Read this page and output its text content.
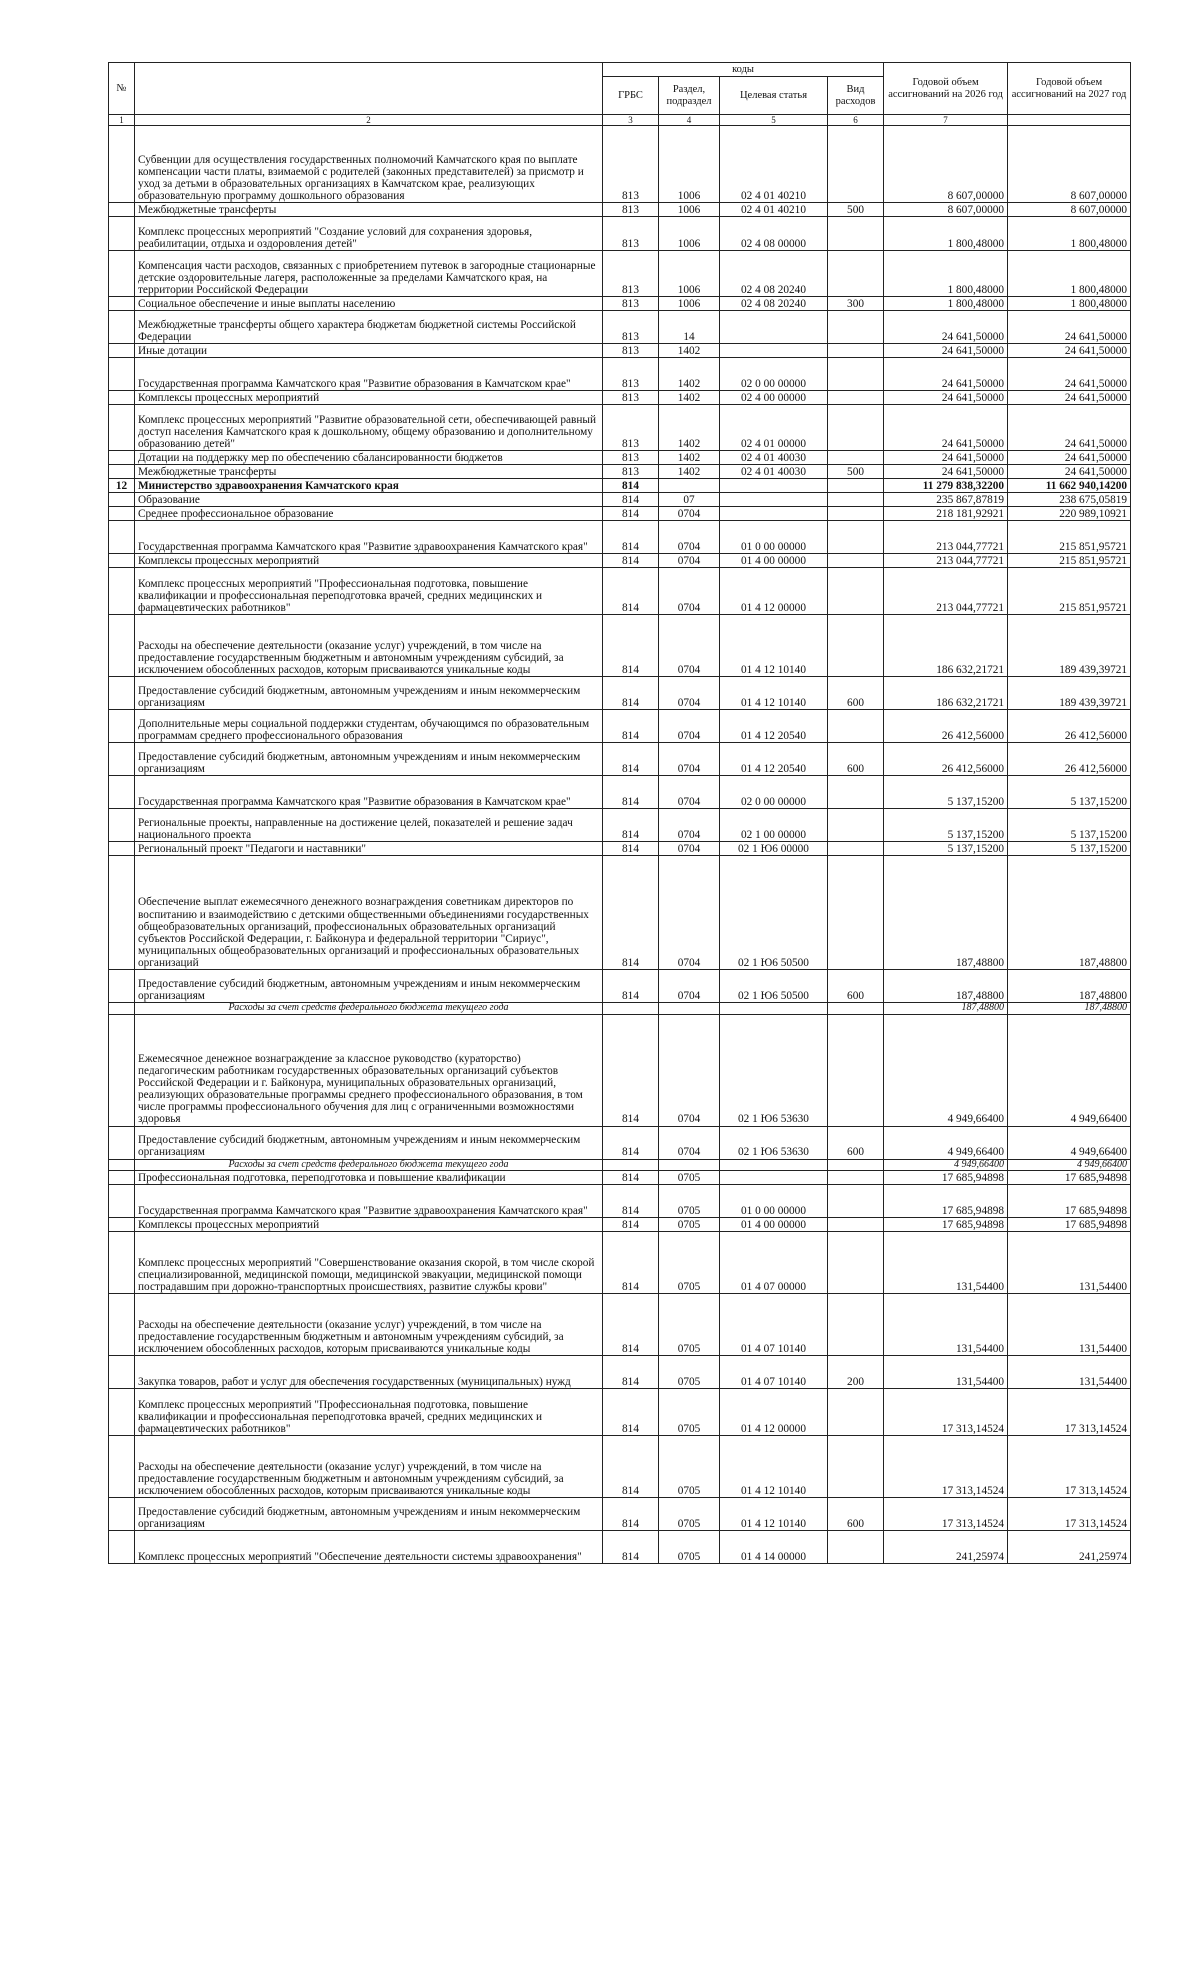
№		коды				Годовой объем ассигнований на 2026 год	Годовой объем ассигнований на 2027 год
		ГРБС	Раздел, подраздел	Целевая статья	Вид расходов		
1	2	3	4	5	6	7	
	Субвенции для осуществления государственных полномочий Камчатского края по выплате компенсации части платы, взимаемой с родителей (законных представителей) за присмотр и уход за детьми в образовательных организациях в Камчатском крае, реализующих образовательную программу дошкольного образования	813	1006	02 4 01 40210		8 607,00000	8 607,00000
	Межбюджетные трансферты	813	1006	02 4 01 40210	500	8 607,00000	8 607,00000
	Комплекс процессных мероприятий "Создание условий для сохранения здоровья, реабилитации, отдыха и оздоровления детей"	813	1006	02 4 08 00000		1 800,48000	1 800,48000
	Компенсация части расходов, связанных с приобретением путевок в загородные стационарные детские оздоровительные лагеря, расположенные за пределами Камчатского края, на территории Российской Федерации	813	1006	02 4 08 20240		1 800,48000	1 800,48000
	Социальное обеспечение и иные выплаты населению	813	1006	02 4 08 20240	300	1 800,48000	1 800,48000
	Межбюджетные трансферты общего характера бюджетам бюджетной системы Российской Федерации	813	14			24 641,50000	24 641,50000
	Иные дотации	813	1402			24 641,50000	24 641,50000
	Государственная программа Камчатского края "Развитие образования в Камчатском крае"	813	1402	02 0 00 00000		24 641,50000	24 641,50000
	Комплексы процессных мероприятий	813	1402	02 4 00 00000		24 641,50000	24 641,50000
	Комплекс процессных мероприятий "Развитие образовательной сети, обеспечивающей равный доступ населения Камчатского края к дошкольному, общему образованию и дополнительному образованию детей"	813	1402	02 4 01 00000		24 641,50000	24 641,50000
	Дотации на поддержку мер по обеспечению сбалансированности бюджетов	813	1402	02 4 01 40030		24 641,50000	24 641,50000
	Межбюджетные трансферты	813	1402	02 4 01 40030	500	24 641,50000	24 641,50000
12	Министерство здравоохранения Камчатского края	814				11 279 838,32200	11 662 940,14200
	Образование	814	07			235 867,87819	238 675,05819
	Среднее профессиональное образование	814	0704			218 181,92921	220 989,10921
	Государственная программа Камчатского края "Развитие здравоохранения Камчатского края"	814	0704	01 0 00 00000		213 044,77721	215 851,95721
	Комплексы процессных мероприятий	814	0704	01 4 00 00000		213 044,77721	215 851,95721
	Комплекс процессных мероприятий "Профессиональная подготовка, повышение квалификации и профессиональная переподготовка врачей, средних медицинских и фармацевтических работников"	814	0704	01 4 12 00000		213 044,77721	215 851,95721
	Расходы на обеспечение деятельности (оказание услуг) учреждений, в том числе на предоставление государственным бюджетным и автономным учреждениям субсидий, за исключением обособленных расходов, которым присваиваются уникальные коды	814	0704	01 4 12 10140		186 632,21721	189 439,39721
	Предоставление субсидий бюджетным, автономным учреждениям и иным некоммерческим организациям	814	0704	01 4 12 10140	600	186 632,21721	189 439,39721
	Дополнительные меры социальной поддержки студентам, обучающимся по образовательным программам среднего профессионального образования	814	0704	01 4 12 20540		26 412,56000	26 412,56000
	Предоставление субсидий бюджетным, автономным учреждениям и иным некоммерческим организациям	814	0704	01 4 12 20540	600	26 412,56000	26 412,56000
	Государственная программа Камчатского края "Развитие образования в Камчатском крае"	814	0704	02 0 00 00000		5 137,15200	5 137,15200
	Региональные проекты, направленные на достижение целей, показателей и решение задач национального проекта	814	0704	02 1 00 00000		5 137,15200	5 137,15200
	Региональный проект "Педагоги и наставники"	814	0704	02 1 Ю6 00000		5 137,15200	5 137,15200
	Обеспечение выплат ежемесячного денежного вознаграждения советникам директоров по воспитанию и взаимодействию с детскими общественными объединениями государственных общеобразовательных организаций, профессиональных образовательных организаций субъектов Российской Федерации, г. Байконура и федеральной территории "Сириус", муниципальных общеобразовательных организаций и профессиональных образовательных организаций	814	0704	02 1 Ю6 50500		187,48800	187,48800
	Предоставление субсидий бюджетным, автономным учреждениям и иным некоммерческим организациям	814	0704	02 1 Ю6 50500	600	187,48800	187,48800
	Расходы за счет средств федерального бюджета текущего года					187,48800	187,48800
	Ежемесячное денежное вознаграждение за классное руководство (кураторство) педагогическим работникам государственных образовательных организаций субъектов Российской Федерации и г. Байконура, муниципальных образовательных организаций, реализующих образовательные программы среднего профессионального образования, в том числе программы профессионального обучения для лиц с ограниченными возможностями здоровья	814	0704	02 1 Ю6 53630		4 949,66400	4 949,66400
	Предоставление субсидий бюджетным, автономным учреждениям и иным некоммерческим организациям	814	0704	02 1 Ю6 53630	600	4 949,66400	4 949,66400
	Расходы за счет средств федерального бюджета текущего года					4 949,66400	4 949,66400
	Профессиональная подготовка, переподготовка и повышение квалификации	814	0705			17 685,94898	17 685,94898
	Государственная программа Камчатского края "Развитие здравоохранения Камчатского края"	814	0705	01 0 00 00000		17 685,94898	17 685,94898
	Комплексы процессных мероприятий	814	0705	01 4 00 00000		17 685,94898	17 685,94898
	Комплекс процессных мероприятий "Совершенствование оказания скорой, в том числе скорой специализированной, медицинской помощи, медицинской эвакуации, медицинской помощи пострадавшим при дорожно-транспортных происшествиях, развитие службы крови"	814	0705	01 4 07 00000		131,54400	131,54400
	Расходы на обеспечение деятельности (оказание услуг) учреждений, в том числе на предоставление государственным бюджетным и автономным учреждениям субсидий, за исключением обособленных расходов, которым присваиваются уникальные коды	814	0705	01 4 07 10140		131,54400	131,54400
	Закупка товаров, работ и услуг для обеспечения государственных (муниципальных) нужд	814	0705	01 4 07 10140	200	131,54400	131,54400
	Комплекс процессных мероприятий "Профессиональная подготовка, повышение квалификации и профессиональная переподготовка врачей, средних медицинских и фармацевтических работников"	814	0705	01 4 12 00000		17 313,14524	17 313,14524
	Расходы на обеспечение деятельности (оказание услуг) учреждений, в том числе на предоставление государственным бюджетным и автономным учреждениям субсидий, за исключением обособленных расходов, которым присваиваются уникальные коды	814	0705	01 4 12 10140		17 313,14524	17 313,14524
	Предоставление субсидий бюджетным, автономным учреждениям и иным некоммерческим организациям	814	0705	01 4 12 10140	600	17 313,14524	17 313,14524
	Комплекс процессных мероприятий "Обеспечение деятельности системы здравоохранения"	814	0705	01 4 14 00000		241,25974	241,25974
